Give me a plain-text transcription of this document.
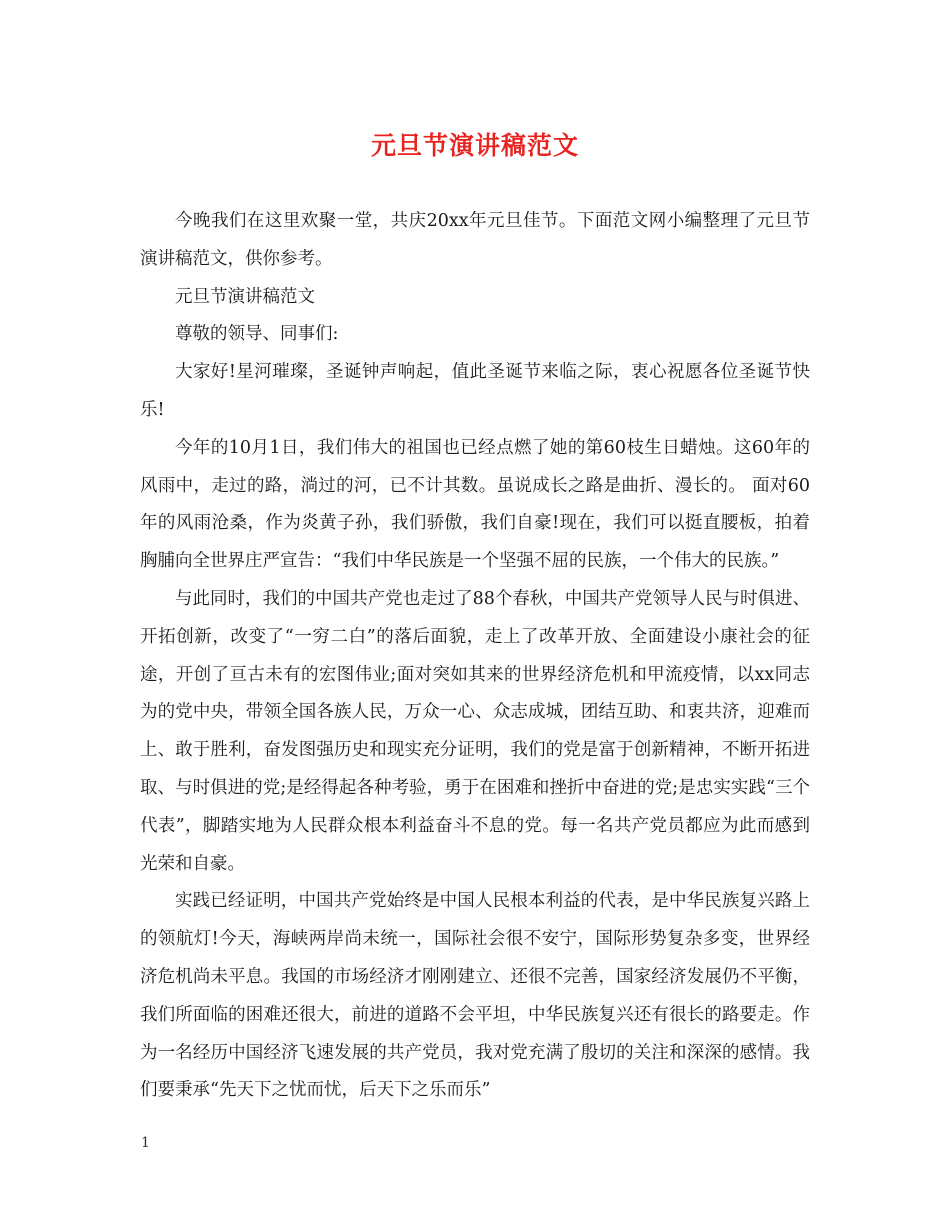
元旦节演讲稿范文

今晚我们在这里欢聚一堂，共庆20xx年元旦佳节。下面范文网小编整理了元旦节演讲稿范文，供你参考。

元旦节演讲稿范文

尊敬的领导、同事们:

大家好!星河璀璨，圣诞钟声响起，值此圣诞节来临之际，衷心祝愿各位圣诞节快乐!

今年的10月1日，我们伟大的祖国也已经点燃了她的第60枝生日蜡烛。这60年的风雨中，走过的路，淌过的河，已不计其数。虽说成长之路是曲折、漫长的。 面对60年的风雨沧桑，作为炎黄子孙，我们骄傲，我们自豪!现在，我们可以挺直腰板，拍着胸脯向全世界庄严宣告：“我们中华民族是一个坚强不屈的民族，一个伟大的民族。”

与此同时，我们的中国共产党也走过了88个春秋，中国共产党领导人民与时俱进、开拓创新，改变了“一穷二白”的落后面貌，走上了改革开放、全面建设小康社会的征途，开创了亘古未有的宏图伟业;面对突如其来的世界经济危机和甲流疫情，以xx同志为的党中央，带领全国各族人民，万众一心、众志成城，团结互助、和衷共济，迎难而上、敢于胜利，奋发图强历史和现实充分证明，我们的党是富于创新精神，不断开拓进取、与时俱进的党;是经得起各种考验，勇于在困难和挫折中奋进的党;是忠实实践“三个代表”，脚踏实地为人民群众根本利益奋斗不息的党。每一名共产党员都应为此而感到光荣和自豪。

实践已经证明，中国共产党始终是中国人民根本利益的代表，是中华民族复兴路上的领航灯!今天，海峡两岸尚未统一，国际社会很不安宁，国际形势复杂多变，世界经济危机尚未平息。我国的市场经济才刚刚建立、还很不完善，国家经济发展仍不平衡，我们所面临的困难还很大，前进的道路不会平坦，中华民族复兴还有很长的路要走。作为一名经历中国经济飞速发展的共产党员，我对党充满了殷切的关注和深深的感情。我们要秉承“先天下之忧而忧，后天下之乐而乐”

1
